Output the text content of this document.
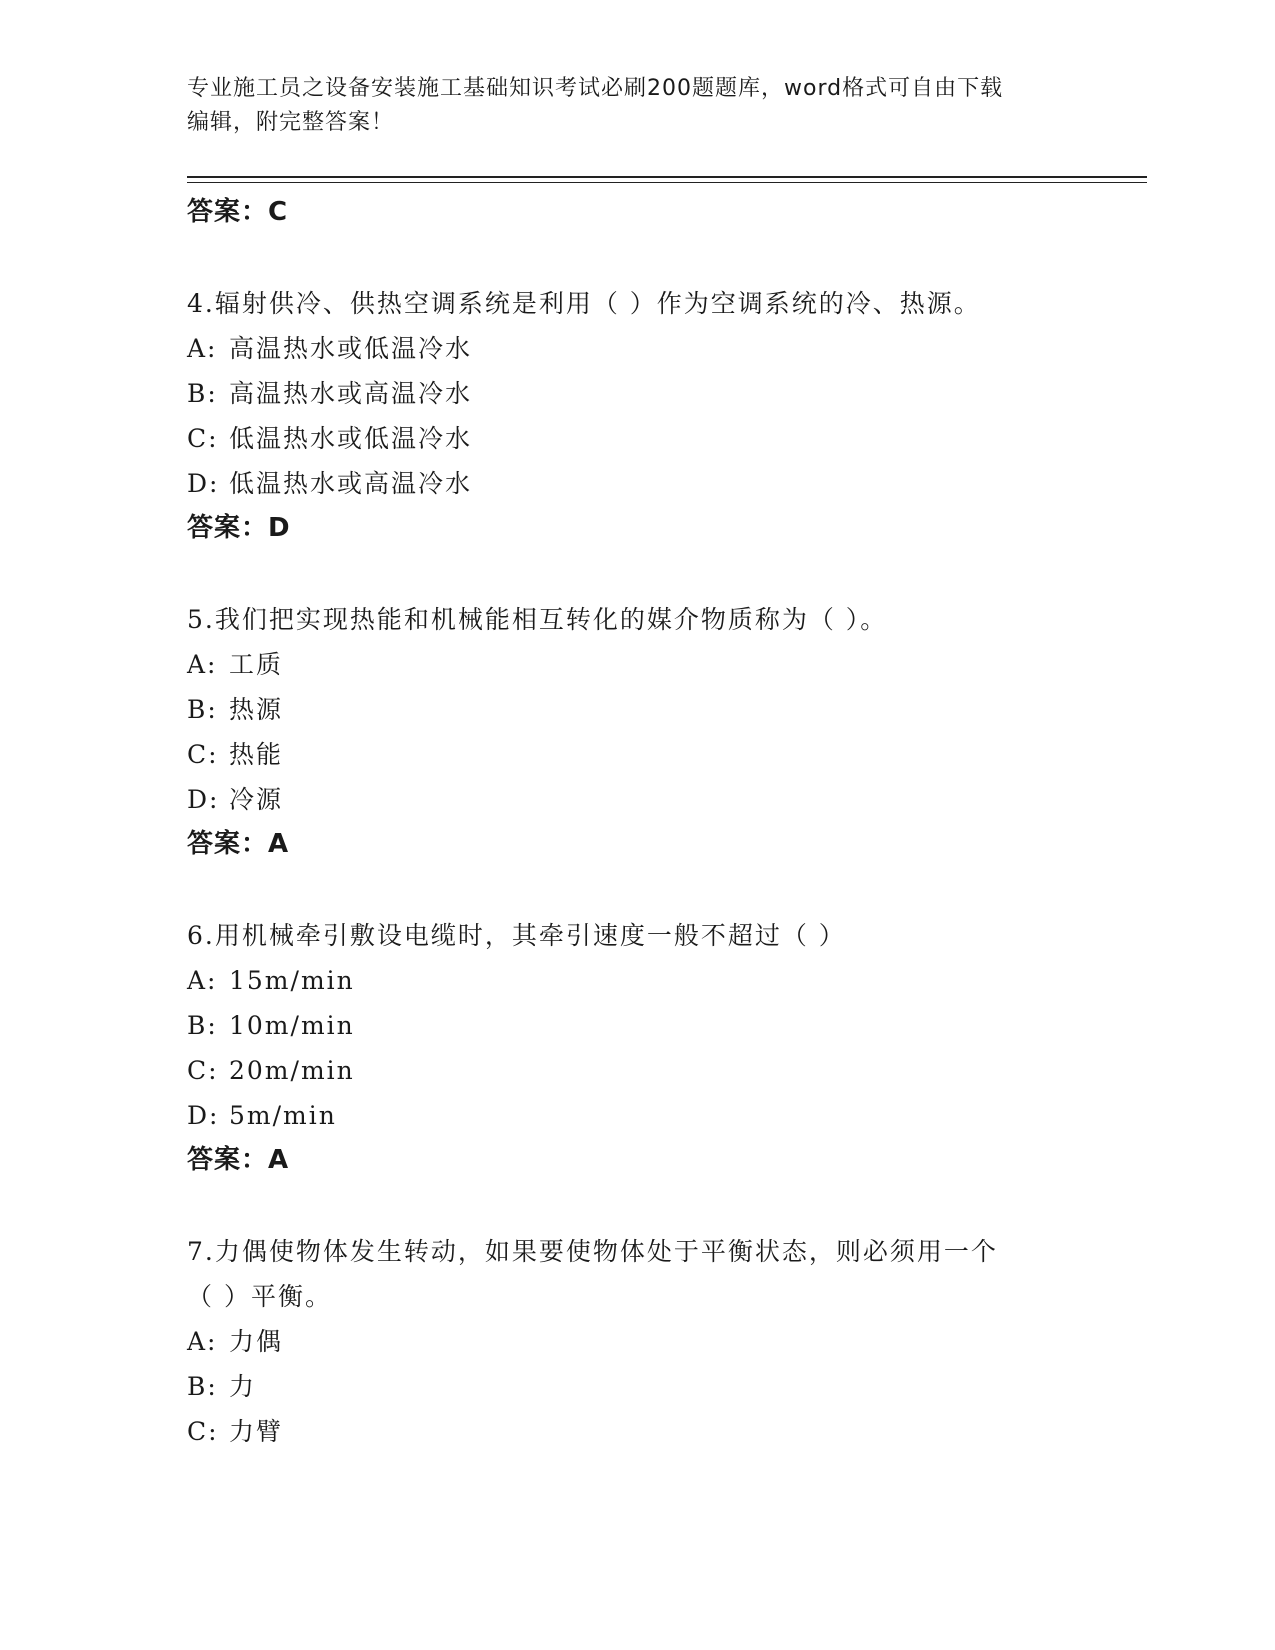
专业施工员之设备安装施工基础知识考试必刷200题题库，word格式可自由下载
编辑，附完整答案！
答案：C
4.辐射供冷、供热空调系统是利用（ ）作为空调系统的冷、热源。
A: 高温热水或低温冷水
B: 高温热水或高温冷水
C: 低温热水或低温冷水
D: 低温热水或高温冷水
答案：D
5.我们把实现热能和机械能相互转化的媒介物质称为（ ）。
A: 工质
B: 热源
C: 热能
D: 冷源
答案：A
6.用机械牵引敷设电缆时，其牵引速度一般不超过（ ）
A: 15m/min
B: 10m/min
C: 20m/min
D: 5m/min
答案：A
7.力偶使物体发生转动，如果要使物体处于平衡状态，则必须用一个
（ ）平衡。
A: 力偶
B: 力
C: 力臂
